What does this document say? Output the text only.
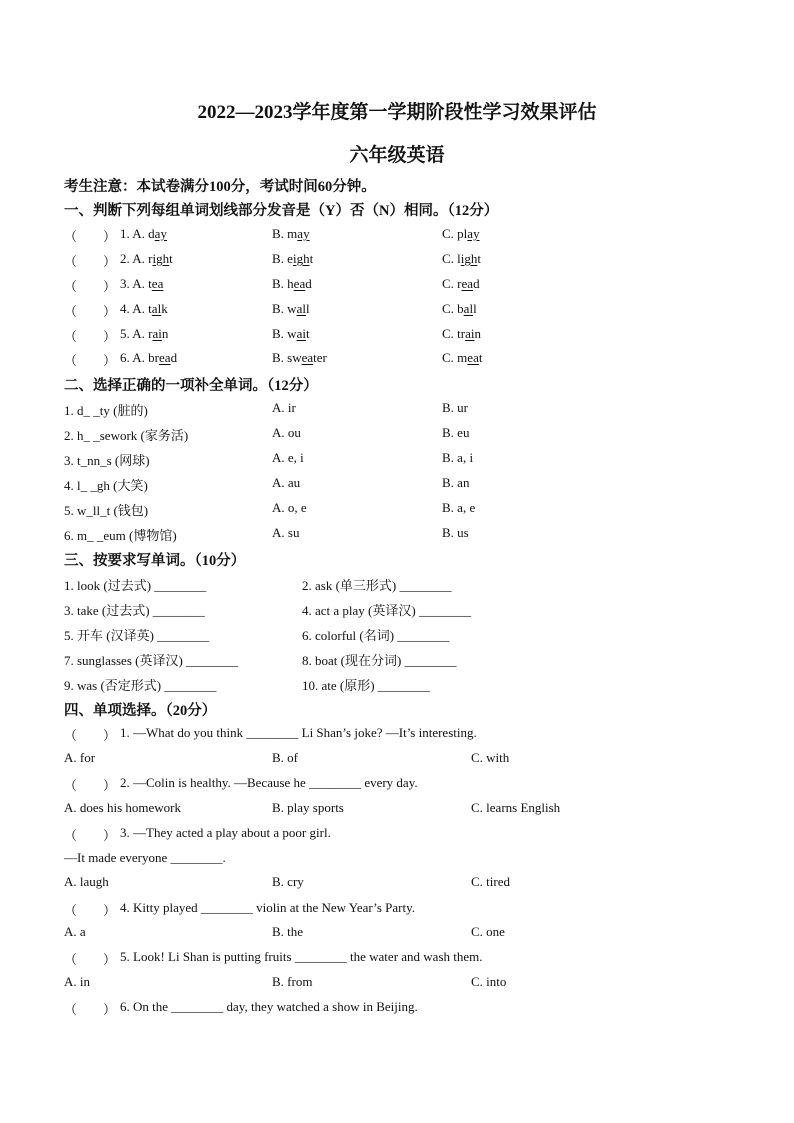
2022—2023学年度第一学期阶段性学习效果评估
六年级英语
考生注意：本试卷满分100分，考试时间60分钟。
一、判断下列每组单词划线部分发音是（Y）否（N）相同。（12分）
（　　） 1. A. day	B. may	C. play
（　　） 2. A. right	B. eight	C. light
（　　） 3. A. tea	B. head	C. read
（　　） 4. A. talk	B. wall	C. ball
（　　） 5. A. rain	B. wait	C. train
（　　） 6. A. bread	B. sweater	C. meat
二、选择正确的一项补全单词。（12分）
1. d_ _ty (脏的)	A. ir	B. ur
2. h_ _sework (家务活)	A. ou	B. eu
3. t_nn_s (网球)	A. e, i	B. a, i
4. l_ _gh (大笑)	A. au	B. an
5. w_ll_t (钱包)	A. o, e	B. a, e
6. m_ _eum (博物馆)	A. su	B. us
三、按要求写单词。（10分）
1. look (过去式) ________	2. ask (单三形式) ________
3. take (过去式) ________	4. act a play (英译汉) ________
5. 开车 (汉译英) ________	6. colorful (名词) ________
7. sunglasses (英译汉) ________	8. boat (现在分词) ________
9. was (否定形式) ________	10. ate (原形) ________
四、单项选择。（20分）
（　　） 1. —What do you think ________ Li Shan’s joke? —It’s interesting.
A. for	B. of	C. with
（　　） 2. —Colin is healthy. —Because he ________ every day.
A. does his homework	B. play sports	C. learns English
（　　） 3. —They acted a play about a poor girl.
—It made everyone ________.
A. laugh	B. cry	C. tired
（　　） 4. Kitty played ________ violin at the New Year’s Party.
A. a	B. the	C. one
（　　） 5. Look! Li Shan is putting fruits ________ the water and wash them.
A. in	B. from	C. into
（　　） 6. On the ________ day, they watched a show in Beijing.
